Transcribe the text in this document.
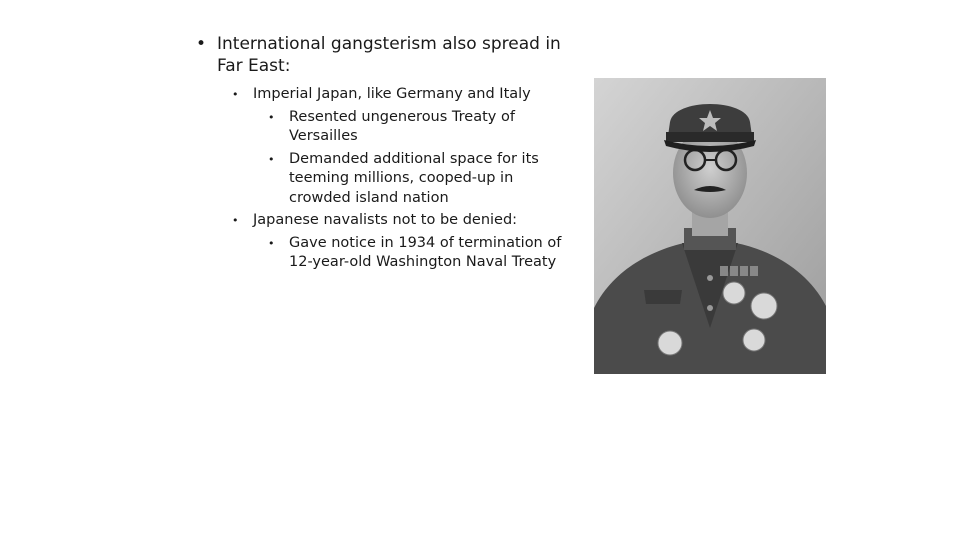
• International gangsterism also spread in Far East:
• Imperial Japan, like Germany and Italy
• Resented ungenerous Treaty of Versailles
• Demanded additional space for its teeming millions, cooped-up in crowded island nation
• Japanese navalists not to be denied:
• Gave notice in 1934 of termination of 12-year-old Washington Naval Treaty
